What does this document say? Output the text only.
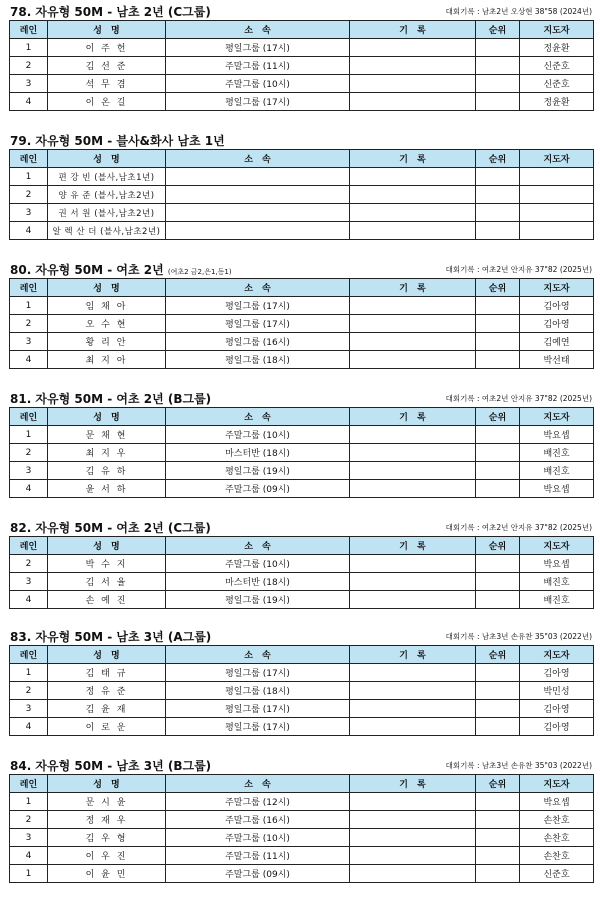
78. 자유형 50M - 남초 2년 (C그룹)	대회기록 : 남초2년 오상현 38"58 (2024년)
레인	성　명	소　속	기　록	순위	지도자
1	이 주 헌	평일그룹 (17시)			정윤환
2	김 선 준	주말그룹 (11시)			신준호
3	석 무 겸	주말그룹 (10시)			신준호
4	이 온 길	평일그룹 (17시)			정윤환
79. 자유형 50M - 블사&화사 남초 1년
레인	성　명	소　속	기　록	순위	지도자
1	편 강 빈 (블사,남초1년)				
2	양 유 준 (블사,남초2년)				
3	권 서 원 (블사,남초2년)				
4	알 렉 산 더 (블사,남초2년)				
80. 자유형 50M - 여초 2년 (여초2 금2,은1,동1)	대회기록 : 여초2년 안지유 37"82 (2025년)
레인	성　명	소　속	기　록	순위	지도자
1	임 채 아	평일그룹 (17시)			김아영
2	오 수 현	평일그룹 (17시)			김아영
3	황 리 안	평일그룹 (16시)			김예연
4	최 지 아	평일그룹 (18시)			박선태
81. 자유형 50M - 여초 2년 (B그룹)	대회기록 : 여초2년 안지유 37"82 (2025년)
레인	성　명	소　속	기　록	순위	지도자
1	문 채 현	주말그룹 (10시)			박요셉
2	최 지 우	마스터반 (18시)			배진호
3	김 유 하	평일그룹 (19시)			배진호
4	윤 서 하	주말그룹 (09시)			박요셉
82. 자유형 50M - 여초 2년 (C그룹)	대회기록 : 여초2년 안지유 37"82 (2025년)
레인	성　명	소　속	기　록	순위	지도자
2	박 수 지	주말그룹 (10시)			박요셉
3	김 서 율	마스터반 (18시)			배진호
4	손 예 진	평일그룹 (19시)			배진호
83. 자유형 50M - 남초 3년 (A그룹)	대회기록 : 남초3년 손유찬 35"03 (2022년)
레인	성　명	소　속	기　록	순위	지도자
1	김 태 규	평일그룹 (17시)			김아영
2	정 유 준	평일그룹 (18시)			박민성
3	김 윤 재	평일그룹 (17시)			김아영
4	이 로 운	평일그룹 (17시)			김아영
84. 자유형 50M - 남초 3년 (B그룹)	대회기록 : 남초3년 손유찬 35"03 (2022년)
레인	성　명	소　속	기　록	순위	지도자
1	문 시 윤	주말그룹 (12시)			박요셉
2	정 재 우	주말그룹 (16시)			손찬호
3	김 우 형	주말그룹 (10시)			손찬호
4	이 우 진	주말그룹 (11시)			손찬호
1	이 윤 민	주말그룹 (09시)			신준호
